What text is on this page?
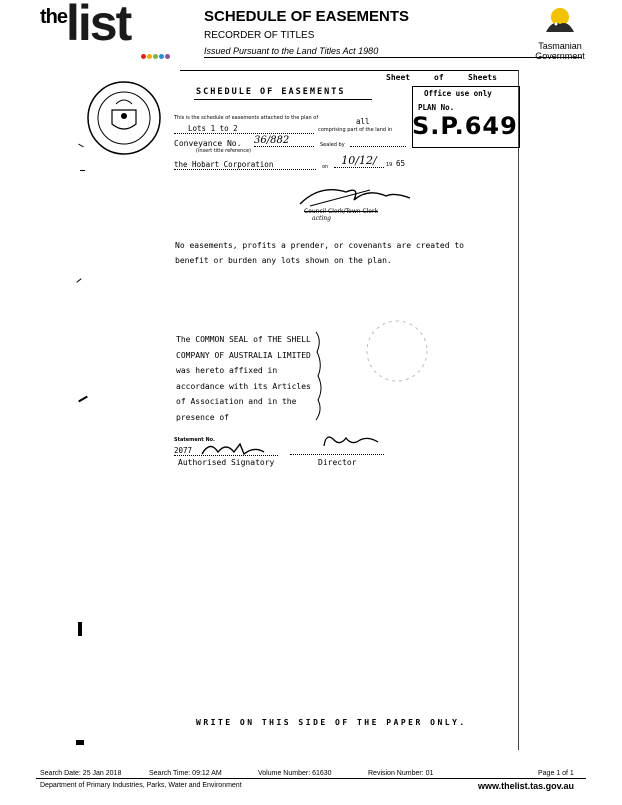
the list	SCHEDULE OF EASEMENTS
RECORDER OF TITLES
Issued Pursuant to the Land Titles Act 1980	Tasmanian
Government
Sheet	of	Sheets
SCHEDULE OF EASEMENTS	Office use only
PLAN No.
S.P.649
This is the schedule of easements attached to the plan of	all
Lots 1 to 2	comprising part of the land in
Conveyance No. 36/882	Sealed by
(insert title reference)
the Hobart Corporation	on	10/12/	19 65
Council Clerk/Town Clerk
acting
No easements, profits a prender, or covenants are created to
benefit or burden any lots shown on the plan.
The COMMON SEAL of THE SHELL
COMPANY OF AUSTRALIA LIMITED
was hereto affixed in
accordance with its Articles
of Association and in the
presence of
Statement No.
2077
Authorised Signatory	Director
WRITE ON THIS SIDE OF THE PAPER ONLY.
Search Date: 25 Jan 2018	Search Time: 09:12 AM	Volume Number: 61630	Revision Number: 01	Page 1 of 1
Department of Primary Industries, Parks, Water and Environment	www.thelist.tas.gov.au
